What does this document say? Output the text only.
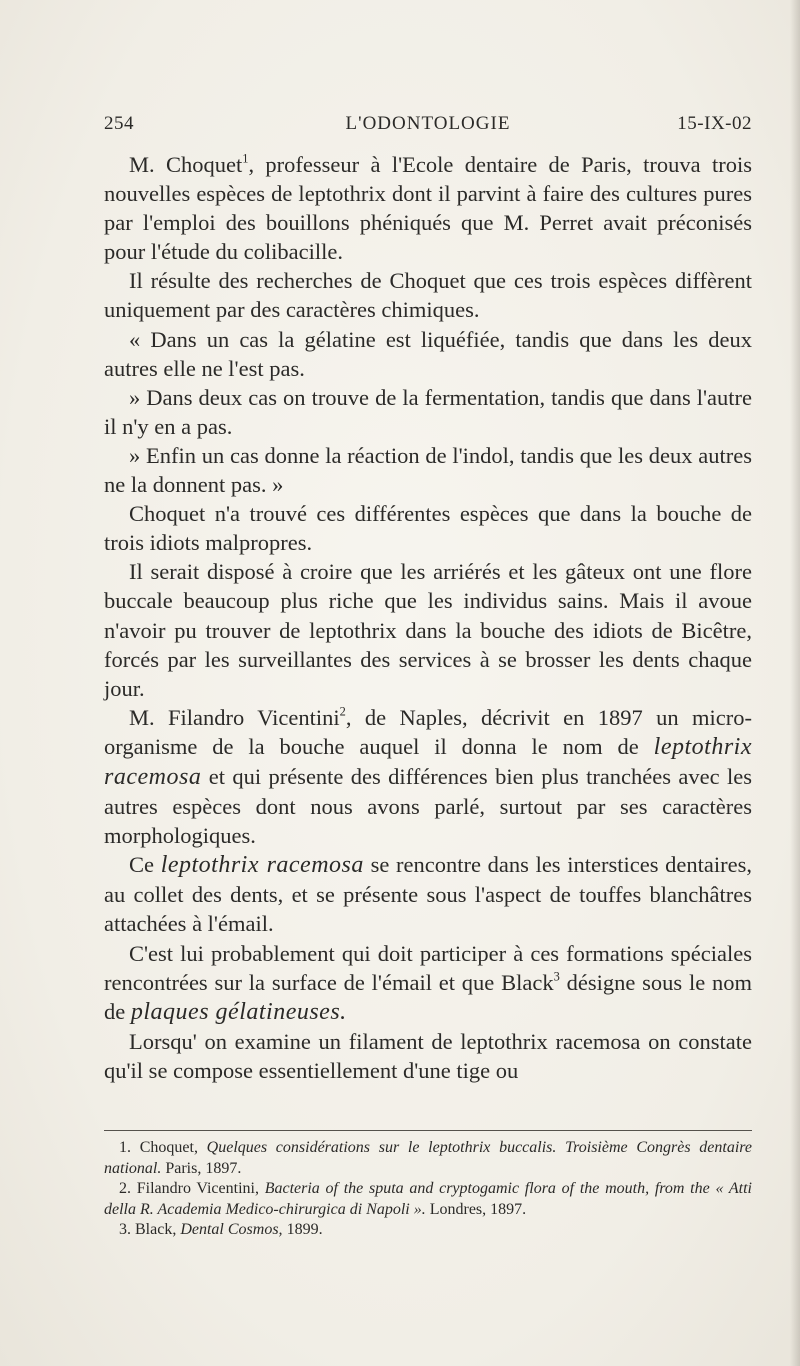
254	L'ODONTOLOGIE	15-IX-02

M. Choquet$^1$, professeur à l'Ecole dentaire de Paris, trouva trois nouvelles espèces de leptothrix dont il parvint à faire des cultures pures par l'emploi des bouillons phéniqués que M. Perret avait préconisés pour l'étude du colibacille.

Il résulte des recherches de Choquet que ces trois espèces diffèrent uniquement par des caractères chimiques.

« Dans un cas la gélatine est liquéfiée, tandis que dans les deux autres elle ne l'est pas.

» Dans deux cas on trouve de la fermentation, tandis que dans l'autre il n'y en a pas.

» Enfin un cas donne la réaction de l'indol, tandis que les deux autres ne la donnent pas. »

Choquet n'a trouvé ces différentes espèces que dans la bouche de trois idiots malpropres.

Il serait disposé à croire que les arriérés et les gâteux ont une flore buccale beaucoup plus riche que les individus sains. Mais il avoue n'avoir pu trouver de leptothrix dans la bouche des idiots de Bicêtre, forcés par les surveillantes des services à se brosser les dents chaque jour.

M. Filandro Vicentini$^2$, de Naples, décrivit en 1897 un micro-organisme de la bouche auquel il donna le nom de leptothrix racemosa et qui présente des différences bien plus tranchées avec les autres espèces dont nous avons parlé, surtout par ses caractères morphologiques.

Ce leptothrix racemosa se rencontre dans les interstices dentaires, au collet des dents, et se présente sous l'aspect de touffes blanchâtres attachées à l'émail.

C'est lui probablement qui doit participer à ces formations spéciales rencontrées sur la surface de l'émail et que Black$^3$ désigne sous le nom de plaques gélatineuses.

Lorsqu' on examine un filament de leptothrix racemosa on constate qu'il se compose essentiellement d'une tige ou

1. Choquet, Quelques considérations sur le leptothrix buccalis. Troisième Congrès dentaire national. Paris, 1897.

2. Filandro Vicentini, Bacteria of the sputa and cryptogamic flora of the mouth, from the « Atti della R. Academia Medico-chirurgica di Napoli ». Londres, 1897.

3. Black, Dental Cosmos, 1899.
